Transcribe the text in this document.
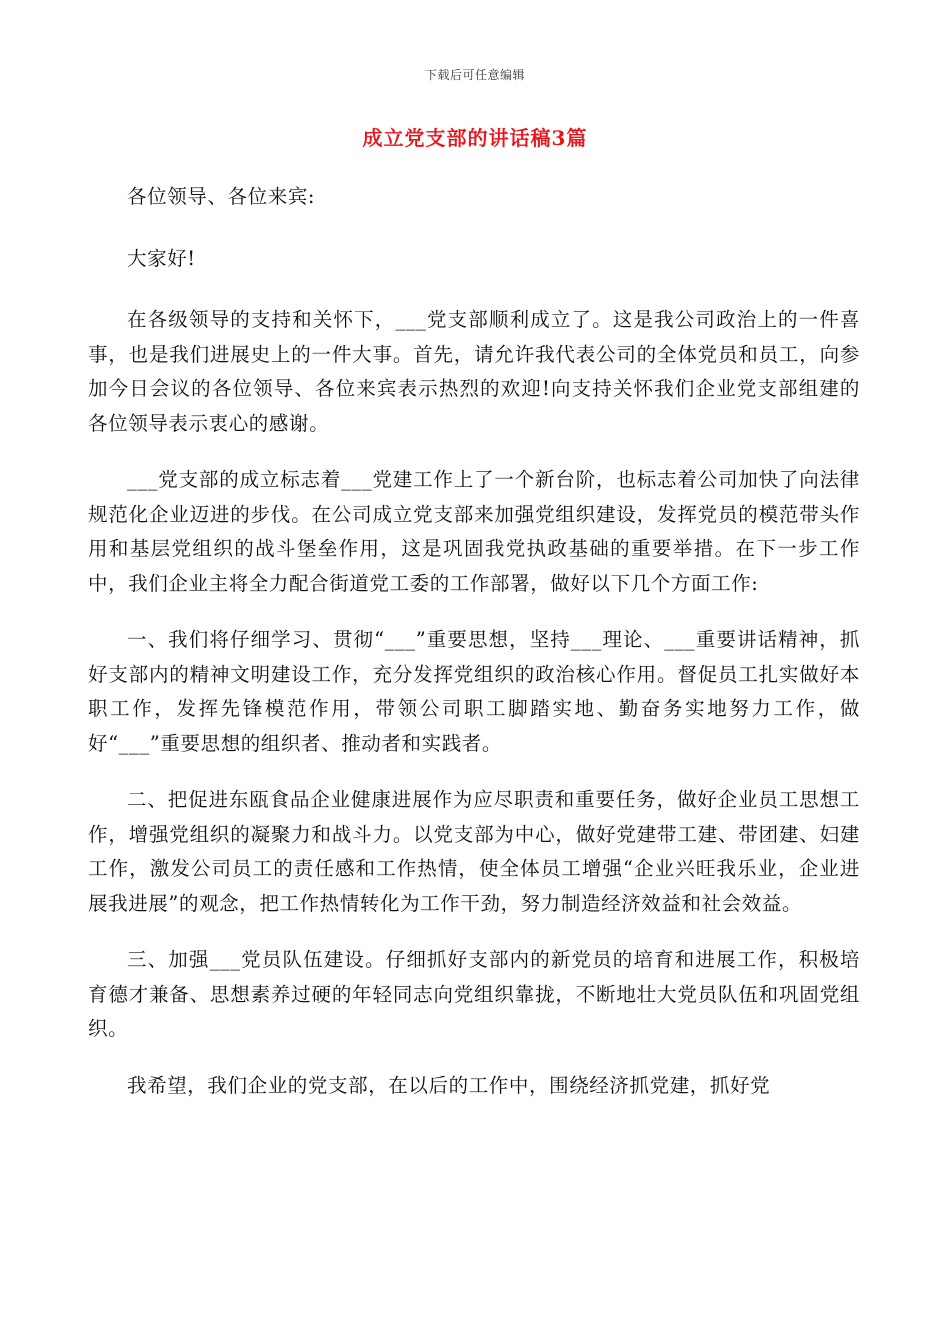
下载后可任意编辑
成立党支部的讲话稿3篇

各位领导、各位来宾:

大家好!

在各级领导的支持和关怀下，___党支部顺利成立了。这是我公司政治上的一件喜事，也是我们进展史上的一件大事。首先，请允许我代表公司的全体党员和员工，向参加今日会议的各位领导、各位来宾表示热烈的欢迎!向支持关怀我们企业党支部组建的各位领导表示衷心的感谢。

___党支部的成立标志着___党建工作上了一个新台阶，也标志着公司加快了向法律规范化企业迈进的步伐。在公司成立党支部来加强党组织建设，发挥党员的模范带头作用和基层党组织的战斗堡垒作用，这是巩固我党执政基础的重要举措。在下一步工作中，我们企业主将全力配合街道党工委的工作部署，做好以下几个方面工作:

一、我们将仔细学习、贯彻“___”重要思想，坚持___理论、___重要讲话精神，抓好支部内的精神文明建设工作，充分发挥党组织的政治核心作用。督促员工扎实做好本职工作，发挥先锋模范作用，带领公司职工脚踏实地、勤奋务实地努力工作，做好“___”重要思想的组织者、推动者和实践者。

二、把促进东瓯食品企业健康进展作为应尽职责和重要任务，做好企业员工思想工作，增强党组织的凝聚力和战斗力。以党支部为中心，做好党建带工建、带团建、妇建工作，激发公司员工的责任感和工作热情，使全体员工增强“企业兴旺我乐业，企业进展我进展”的观念，把工作热情转化为工作干劲，努力制造经济效益和社会效益。

三、加强___党员队伍建设。仔细抓好支部内的新党员的培育和进展工作，积极培育德才兼备、思想素养过硬的年轻同志向党组织靠拢，不断地壮大党员队伍和巩固党组织。

我希望，我们企业的党支部，在以后的工作中，围绕经济抓党建，抓好党
